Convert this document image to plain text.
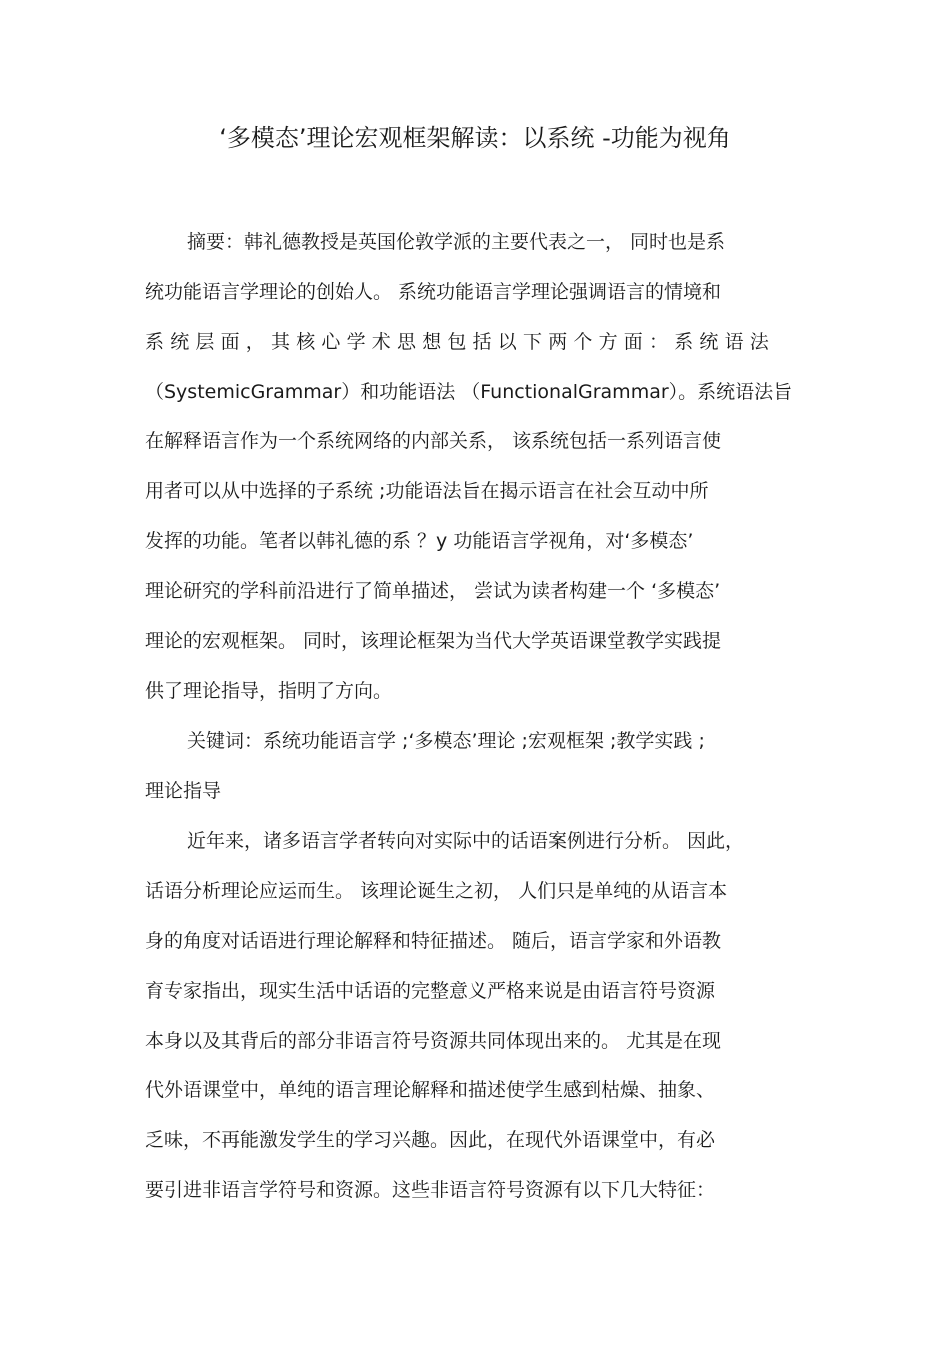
‘多模态’理论宏观框架解读：以系统 -功能为视角
摘要：韩礼德教授是英国伦敦学派的主要代表之一， 同时也是系
统功能语言学理论的创始人。 系统功能语言学理论强调语言的情境和
系统层面，其核心学术思想包括以下两个方面：系统语法
（SystemicGrammar）和功能语法 （FunctionalGrammar）。系统语法旨
在解释语言作为一个系统网络的内部关系， 该系统包括一系列语言使
用者可以从中选择的子系统 ;功能语法旨在揭示语言在社会互动中所
发挥的功能。笔者以韩礼德的系 ？y 功能语言学视角，对‘多模态’
理论研究的学科前沿进行了简单描述， 尝试为读者构建一个 ‘多模态’
理论的宏观框架。 同时，该理论框架为当代大学英语课堂教学实践提
供了理论指导，指明了方向。
关键词：系统功能语言学 ;‘多模态’理论 ;宏观框架 ;教学实践 ;
理论指导
近年来，诸多语言学者转向对实际中的话语案例进行分析。 因此，
话语分析理论应运而生。 该理论诞生之初， 人们只是单纯的从语言本
身的角度对话语进行理论解释和特征描述。 随后，语言学家和外语教
育专家指出，现实生活中话语的完整意义严格来说是由语言符号资源
本身以及其背后的部分非语言符号资源共同体现出来的。 尤其是在现
代外语课堂中，单纯的语言理论解释和描述使学生感到枯燥、抽象、
乏味，不再能激发学生的学习兴趣。因此，在现代外语课堂中，有必
要引进非语言学符号和资源。这些非语言符号资源有以下几大特征：
